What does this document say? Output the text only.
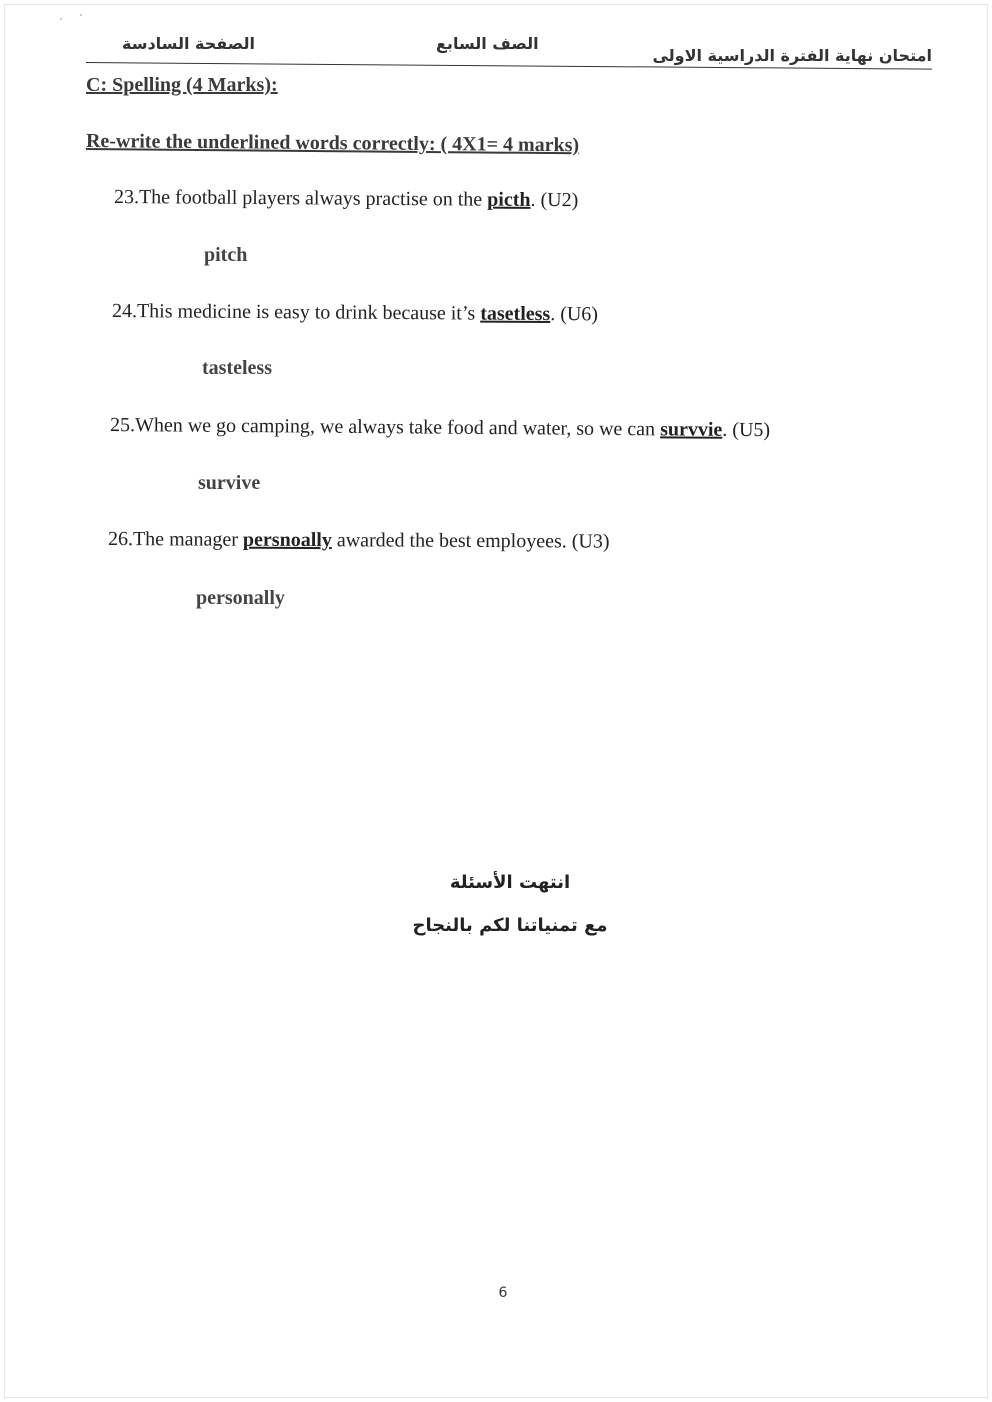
الصفحة السادسة	الصف السابع
امتحان نهاية الفترة الدراسية الاولى
C: Spelling (4 Marks):
Re-write the underlined words correctly: ( 4X1= 4 marks)
23.The football players always practise on the picth. (U2)
pitch
24.This medicine is easy to drink because it’s tasetless. (U6)
tasteless
25.When we go camping, we always take food and water, so we can survvie. (U5)
survive
26.The manager persnoally awarded the best employees. (U3)
personally
انتهت الأسئلة
مع تمنياتنا لكم بالنجاح
6
